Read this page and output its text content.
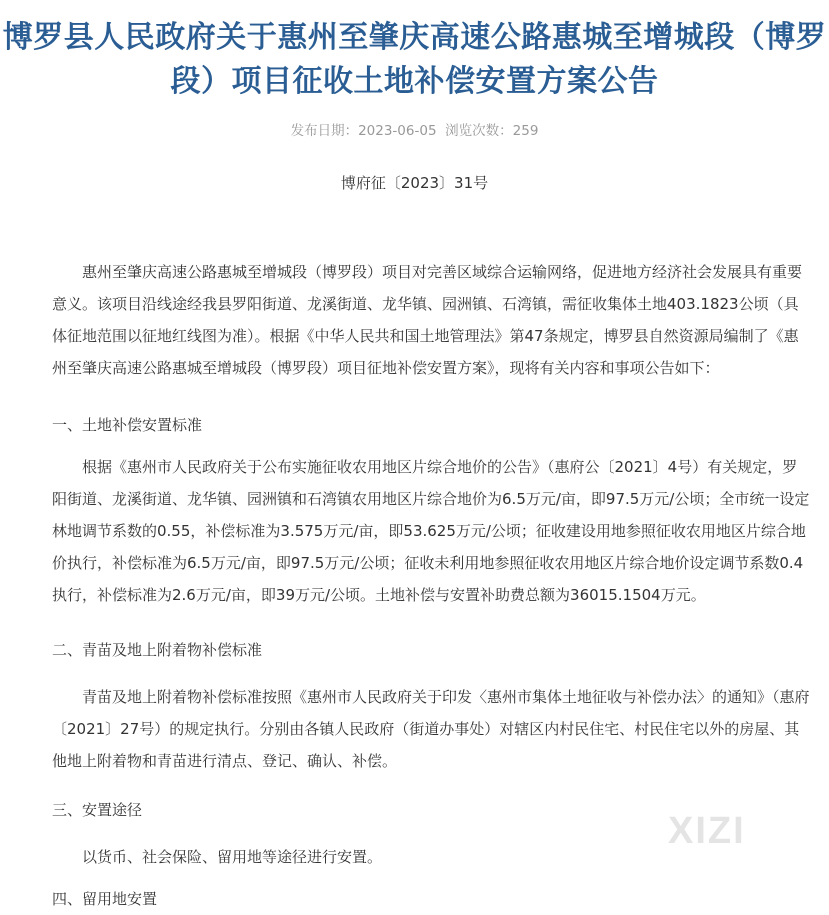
博罗县人民政府关于惠州至肇庆高速公路惠城至增城段（博罗段）项目征收土地补偿安置方案公告
发布日期：2023-06-05 浏览次数：259
博府征〔2023〕31号

惠州至肇庆高速公路惠城至增城段（博罗段）项目对完善区域综合运输网络，促进地方经济社会发展具有重要意义。该项目沿线途经我县罗阳街道、龙溪街道、龙华镇、园洲镇、石湾镇，需征收集体土地403.1823公顷（具体征地范围以征地红线图为准）。根据《中华人民共和国土地管理法》第47条规定，博罗县自然资源局编制了《惠州至肇庆高速公路惠城至增城段（博罗段）项目征地补偿安置方案》，现将有关内容和事项公告如下：

一、土地补偿安置标准

根据《惠州市人民政府关于公布实施征收农用地区片综合地价的公告》（惠府公〔2021〕4号）有关规定，罗阳街道、龙溪街道、龙华镇、园洲镇和石湾镇农用地区片综合地价为6.5万元/亩，即97.5万元/公顷；全市统一设定林地调节系数的0.55，补偿标准为3.575万元/亩，即53.625万元/公顷；征收建设用地参照征收农用地区片综合地价执行，补偿标准为6.5万元/亩，即97.5万元/公顷；征收未利用地参照征收农用地区片综合地价设定调节系数0.4执行，补偿标准为2.6万元/亩，即39万元/公顷。土地补偿与安置补助费总额为36015.1504万元。

二、青苗及地上附着物补偿标准

青苗及地上附着物补偿标准按照《惠州市人民政府关于印发〈惠州市集体土地征收与补偿办法〉的通知》（惠府〔2021〕27号）的规定执行。分别由各镇人民政府（街道办事处）对辖区内村民住宅、村民住宅以外的房屋、其他地上附着物和青苗进行清点、登记、确认、补偿。

三、安置途径

以货币、社会保险、留用地等途径进行安置。

四、留用地安置
XIZI
